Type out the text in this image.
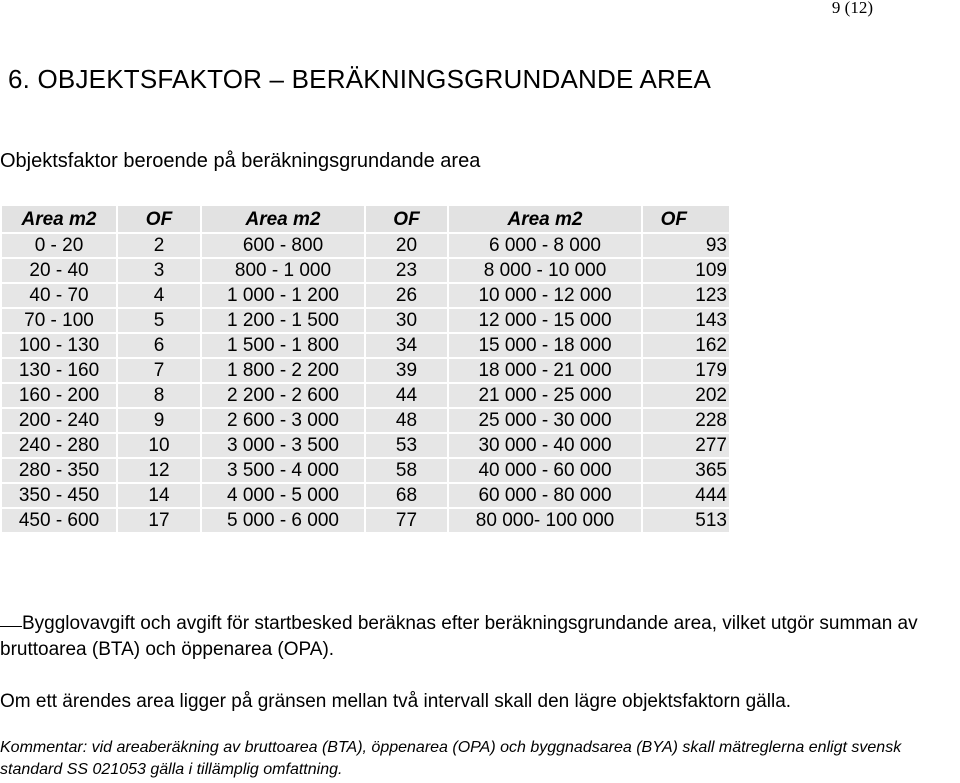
9 (12)
6. OBJEKTSFAKTOR – BERÄKNINGSGRUNDANDE AREA
Objektsfaktor beroende på beräkningsgrundande area
Area m2	OF	Area m2	OF	Area m2	OF
0 - 20	2	600 - 800	20	6 000 - 8 000	93
20 - 40	3	800 - 1 000	23	8 000 - 10 000	109
40 - 70	4	1 000 - 1 200	26	10 000 - 12 000	123
70 - 100	5	1 200 - 1 500	30	12 000 - 15 000	143
100 - 130	6	1 500 - 1 800	34	15 000 - 18 000	162
130 - 160	7	1 800 - 2 200	39	18 000 - 21 000	179
160 - 200	8	2 200 - 2 600	44	21 000 - 25 000	202
200 - 240	9	2 600 - 3 000	48	25 000 - 30 000	228
240 - 280	10	3 000 - 3 500	53	30 000 - 40 000	277
280 - 350	12	3 500 - 4 000	58	40 000 - 60 000	365
350 - 450	14	4 000 - 5 000	68	60 000 - 80 000	444
450 - 600	17	5 000 - 6 000	77	80 000- 100 000	513
Bygglovavgift och avgift för startbesked beräknas efter beräkningsgrundande area, vilket utgör summan av bruttoarea (BTA) och öppenarea (OPA).
Om ett ärendes area ligger på gränsen mellan två intervall skall den lägre objektsfaktorn gälla.
Kommentar: vid areaberäkning av bruttoarea (BTA), öppenarea (OPA) och byggnadsarea (BYA) skall mätreglerna enligt svensk standard SS 021053 gälla i tillämplig omfattning.
